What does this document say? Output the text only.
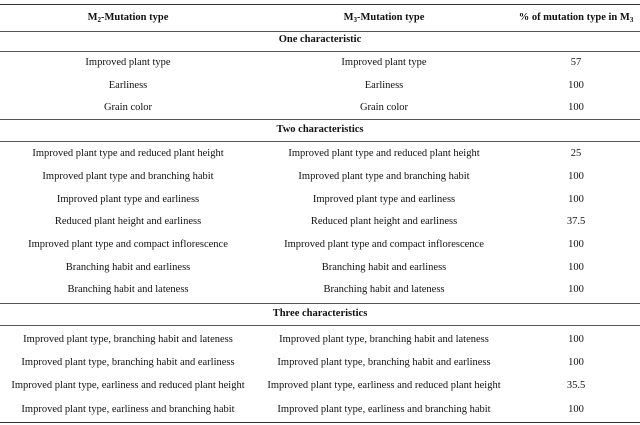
$M_2$-Mutation type	$M_3$-Mutation type	% of mutation type in $M_3$
One characteristic
Improved plant type	Improved plant type	57
Earliness	Earliness	100
Grain color	Grain color	100
Two characteristics
Improved plant type and reduced plant height	Improved plant type and reduced plant height	25
Improved plant type and branching habit	Improved plant type and branching habit	100
Improved plant type and earliness	Improved plant type and earliness	100
Reduced plant height and earliness	Reduced plant height and earliness	37.5
Improved plant type and compact inflorescence	Improved plant type and compact inflorescence	100
Branching habit and earliness	Branching habit and earliness	100
Branching habit and lateness	Branching habit and lateness	100
Three characteristics
Improved plant type, branching habit and lateness	Improved plant type, branching habit and lateness	100
Improved plant type, branching habit and earliness	Improved plant type, branching habit and earliness	100
Improved plant type, earliness and reduced plant height	Improved plant type, earliness and reduced plant height	35.5
Improved plant type, earliness and branching habit	Improved plant type, earliness and branching habit	100
